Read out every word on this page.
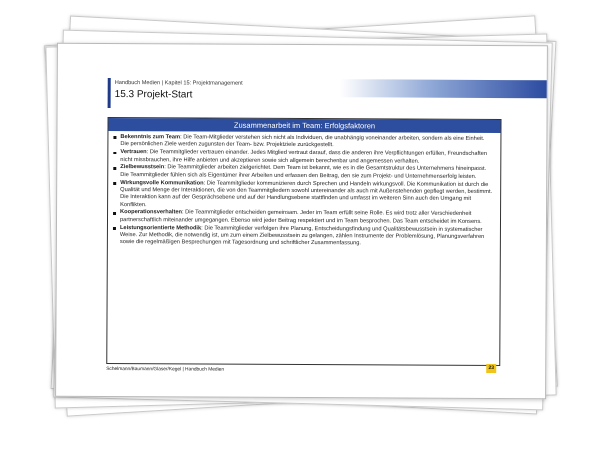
Handbuch Medien | Kapitel 15: Projektmanagement
15.3 Projekt-Start
Zusammenarbeit im Team: Erfolgsfaktoren
Bekenntnis zum Team: Die Team-Mitglieder verstehen sich nicht als Individuen, die unabhängig voneinander arbeiten, sondern als eine Einheit. Die persönlichen Ziele werden zugunsten der Team- bzw. Projektziele zurückgestellt.
Vertrauen: Die Teammitglieder vertrauen einander. Jedes Mitglied vertraut darauf, dass die anderen ihre Verpflichtungen erfüllen, Freundschaften nicht missbrauchen, ihre Hilfe anbieten und akzeptieren sowie sich allgemein berechenbar und angemessen verhalten.
Zielbewusstsein: Die Teammitglieder arbeiten zielgerichtet. Dem Team ist bekannt, wie es in die Gesamtstruktur des Unternehmens hineinpasst. Die Teammitglieder fühlen sich als Eigentümer ihrer Arbeiten und erfassen den Beitrag, den sie zum Projekt- und Unternehmenserfolg leisten.
Wirkungsvolle Kommunikation: Die Teammitglieder kommunizieren durch Sprechen und Handeln wirkungsvoll. Die Kommunikation ist durch die Qualität und Menge der Interaktionen, die von den Teammitgliedern sowohl untereinander als auch mit Außenstehenden gepflegt werden, bestimmt. Die Interaktion kann auf der Gesprächsebene und auf der Handlungsebene stattfinden und umfasst im weiteren Sinn auch den Umgang mit Konflikten.
Kooperationsverhalten: Die Teammitglieder entscheiden gemeinsam. Jeder im Team erfüllt seine Rolle. Es wird trotz aller Verschiedenheit partnerschaftlich miteinander umgegangen. Ebenso wird jeder Beitrag respektiert und im Team besprochen. Das Team entscheidet im Konsens.
Leistungsorientierte Methodik: Die Teammitglieder verfolgen ihre Planung, Entscheidungsfindung und Qualitätsbewusstsein in systematischer Weise. Zur Methodik, die notwendig ist, um zum einem Zielbewusstsein zu gelangen, zählen Instrumente der Problemlösung, Planungsverfahren sowie die regelmäßigen Besprechungen mit Tagesordnung und schriftlicher Zusammenfassung.
Schelmann/Baumann/Glaser/Kegel | Handbuch Medien	23
